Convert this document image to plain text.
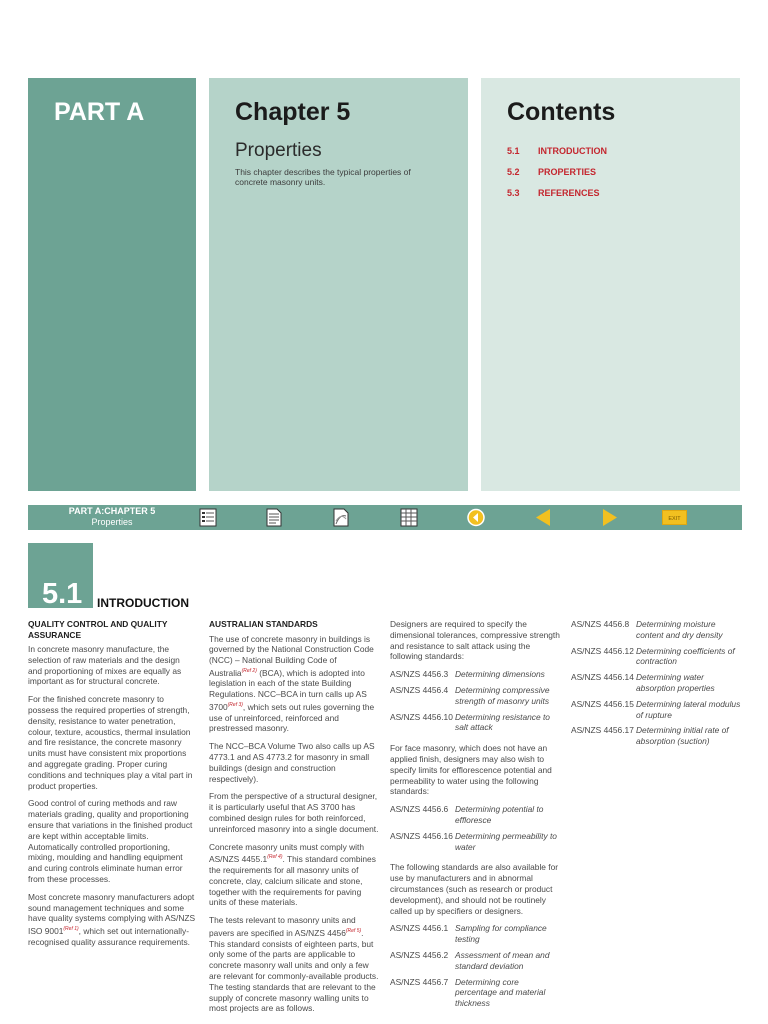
PART A	Chapter 5
Properties
This chapter describes the typical properties of concrete masonry units.
Contents
5.1	INTRODUCTION
5.2	PROPERTIES
5.3	REFERENCES
PART A:CHAPTER 5
Properties	EXIT
5.1 INTRODUCTION
QUALITY CONTROL AND QUALITY ASSURANCE

In concrete masonry manufacture, the selection of raw materials and the design and proportioning of mixes are equally as important as for structural concrete.

For the finished concrete masonry to possess the required properties of strength, density, resistance to water penetration, colour, texture, acoustics, thermal insulation and fire resistance, the concrete masonry units must have consistent mix proportions and aggregate grading. Proper curing conditions and techniques play a vital part in product properties.

Good control of curing methods and raw materials grading, quality and proportioning ensure that variations in the finished product are kept within acceptable limits. Automatically controlled proportioning, mixing, moulding and handling equipment and curing controls eliminate human error from these processes.

Most concrete masonry manufacturers adopt sound management techniques and some have quality systems complying with AS/NZS ISO 9001$^{(Ref 1)}$, which set out internationally-recognised quality assurance requirements.

AUSTRALIAN STANDARDS

The use of concrete masonry in buildings is governed by the National Construction Code (NCC) – National Building Code of Australia$^{(Ref 2)}$ (BCA), which is adopted into legislation in each of the state Building Regulations. NCC–BCA in turn calls up AS 3700$^{(Ref 3)}$, which sets out rules governing the use of unreinforced, reinforced and prestressed masonry.

The NCC–BCA Volume Two also calls up AS 4773.1 and AS 4773.2 for masonry in small buildings (design and construction respectively).

From the perspective of a structural designer, it is particularly useful that AS 3700 has combined design rules for both reinforced, unreinforced masonry into a single document.

Concrete masonry units must comply with AS/NZS 4455.1$^{(Ref 4)}$. This standard combines the requirements for all masonry units of concrete, clay, calcium silicate and stone, together with the requirements for paving units of these materials.

The tests relevant to masonry units and pavers are specified in AS/NZS 4456$^{(Ref 5)}$. This standard consists of eighteen parts, but only some of the parts are applicable to concrete masonry wall units and only a few are relevant for commonly-available products. The testing standards that are relevant to the supply of concrete masonry walling units to most projects are as follows.

Designers are required to specify the dimensional tolerances, compressive strength and resistance to salt attack using the following standards:

AS/NZS 4456.3 Determining dimensions
AS/NZS 4456.4 Determining compressive strength of masonry units
AS/NZS 4456.10 Determining resistance to salt attack

For face masonry, which does not have an applied finish, designers may also wish to specify limits for efflorescence potential and permeability to water using the following standards:

AS/NZS 4456.6 Determining potential to effloresce
AS/NZS 4456.16 Determining permeability to water

The following standards are also available for use by manufacturers and in abnormal circumstances (such as research or product development), and should not be routinely called up by specifiers or designers.

AS/NZS 4456.1 Sampling for compliance testing
AS/NZS 4456.2 Assessment of mean and standard deviation
AS/NZS 4456.7 Determining core percentage and material thickness
AS/NZS 4456.8 Determining moisture content and dry density
AS/NZS 4456.12 Determining coefficients of contraction
AS/NZS 4456.14 Determining water absorption properties
AS/NZS 4456.15 Determining lateral modulus of rupture
AS/NZS 4456.17 Determining initial rate of absorption (suction)
